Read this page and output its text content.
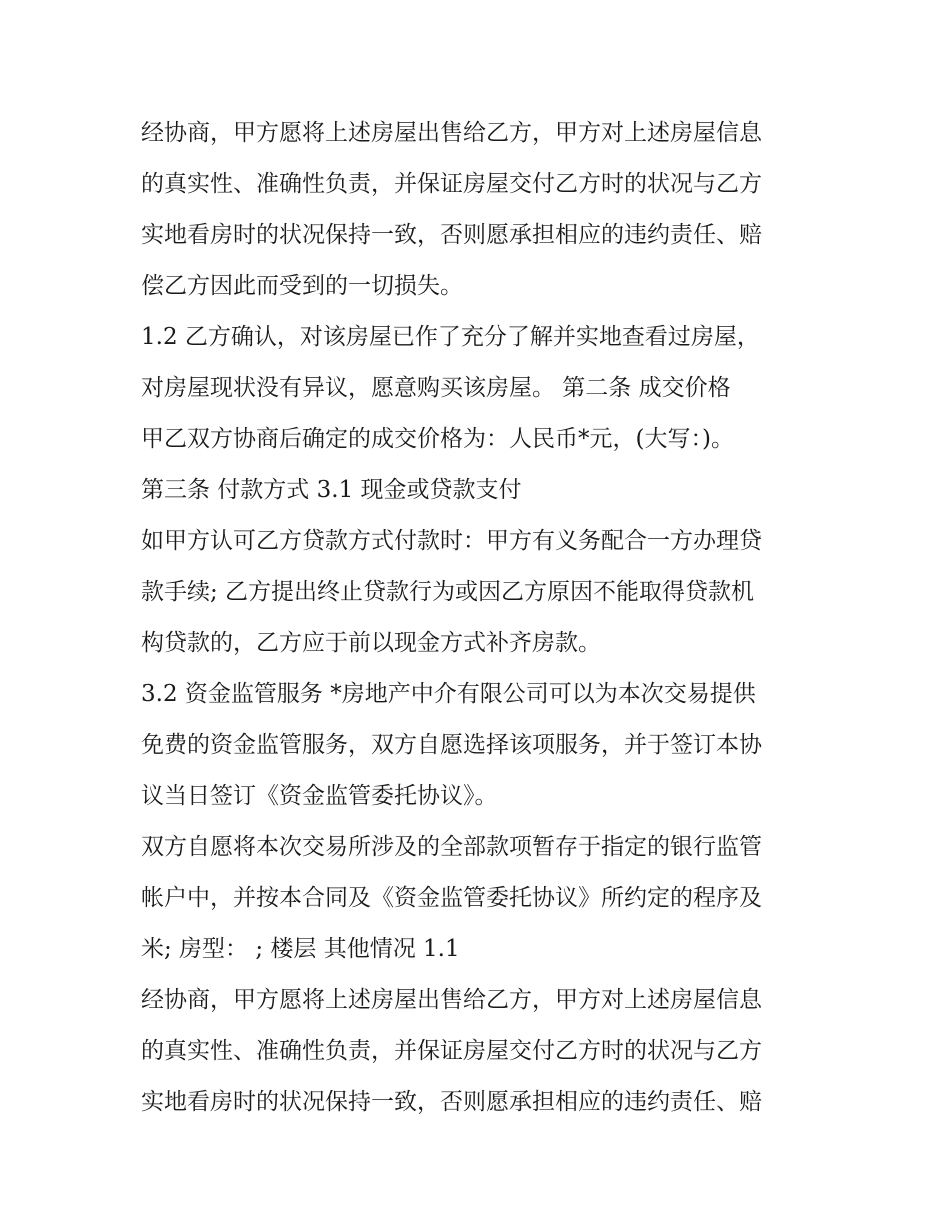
经协商，甲方愿将上述房屋出售给乙方，甲方对上述房屋信息
的真实性、准确性负责，并保证房屋交付乙方时的状况与乙方
实地看房时的状况保持一致，否则愿承担相应的违约责任、赔
偿乙方因此而受到的一切损失。
1.2 乙方确认，对该房屋已作了充分了解并实地查看过房屋，
对房屋现状没有异议，愿意购买该房屋。 第二条 成交价格
甲乙双方协商后确定的成交价格为：人民币*元，(大写：)。
第三条 付款方式 3.1 现金或贷款支付
如甲方认可乙方贷款方式付款时：甲方有义务配合一方办理贷
款手续; 乙方提出终止贷款行为或因乙方原因不能取得贷款机
构贷款的，乙方应于前以现金方式补齐房款。
3.2 资金监管服务 *房地产中介有限公司可以为本次交易提供
免费的资金监管服务，双方自愿选择该项服务，并于签订本协
议当日签订《资金监管委托协议》。
双方自愿将本次交易所涉及的全部款项暂存于指定的银行监管
帐户中，并按本合同及《资金监管委托协议》所约定的程序及
米; 房型： ; 楼层 其他情况 1.1
经协商，甲方愿将上述房屋出售给乙方，甲方对上述房屋信息
的真实性、准确性负责，并保证房屋交付乙方时的状况与乙方
实地看房时的状况保持一致，否则愿承担相应的违约责任、赔
